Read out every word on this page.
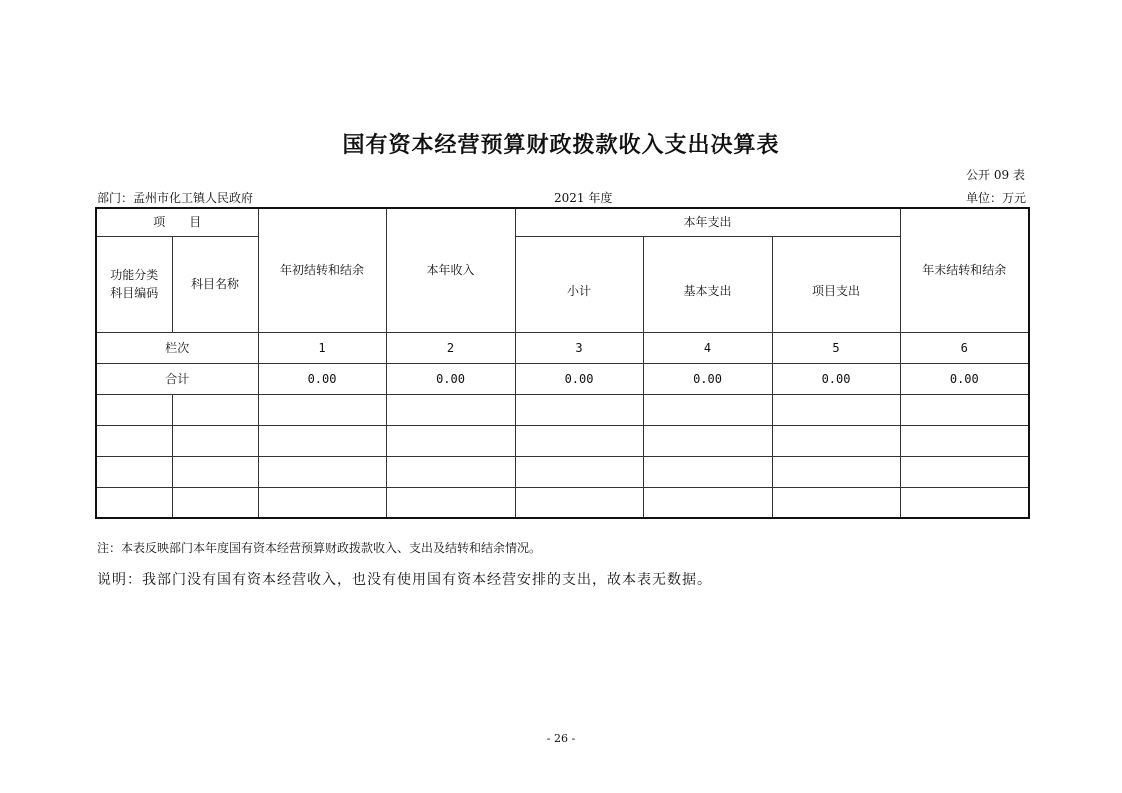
国有资本经营预算财政拨款收入支出决算表
公开 09 表
部门：孟州市化工镇人民政府	2021 年度	单位：万元
项　　目		年初结转和结余	本年收入	本年支出			年末结转和结余
功能分类
科目编码	科目名称			小计	基本支出	项目支出	
栏次		1	2	3	4	5	6
合计		0.00	0.00	0.00	0.00	0.00	0.00

注：本表反映部门本年度国有资本经营预算财政拨款收入、支出及结转和结余情况。
说明：我部门没有国有资本经营收入，也没有使用国有资本经营安排的支出，故本表无数据。
- 26 -
